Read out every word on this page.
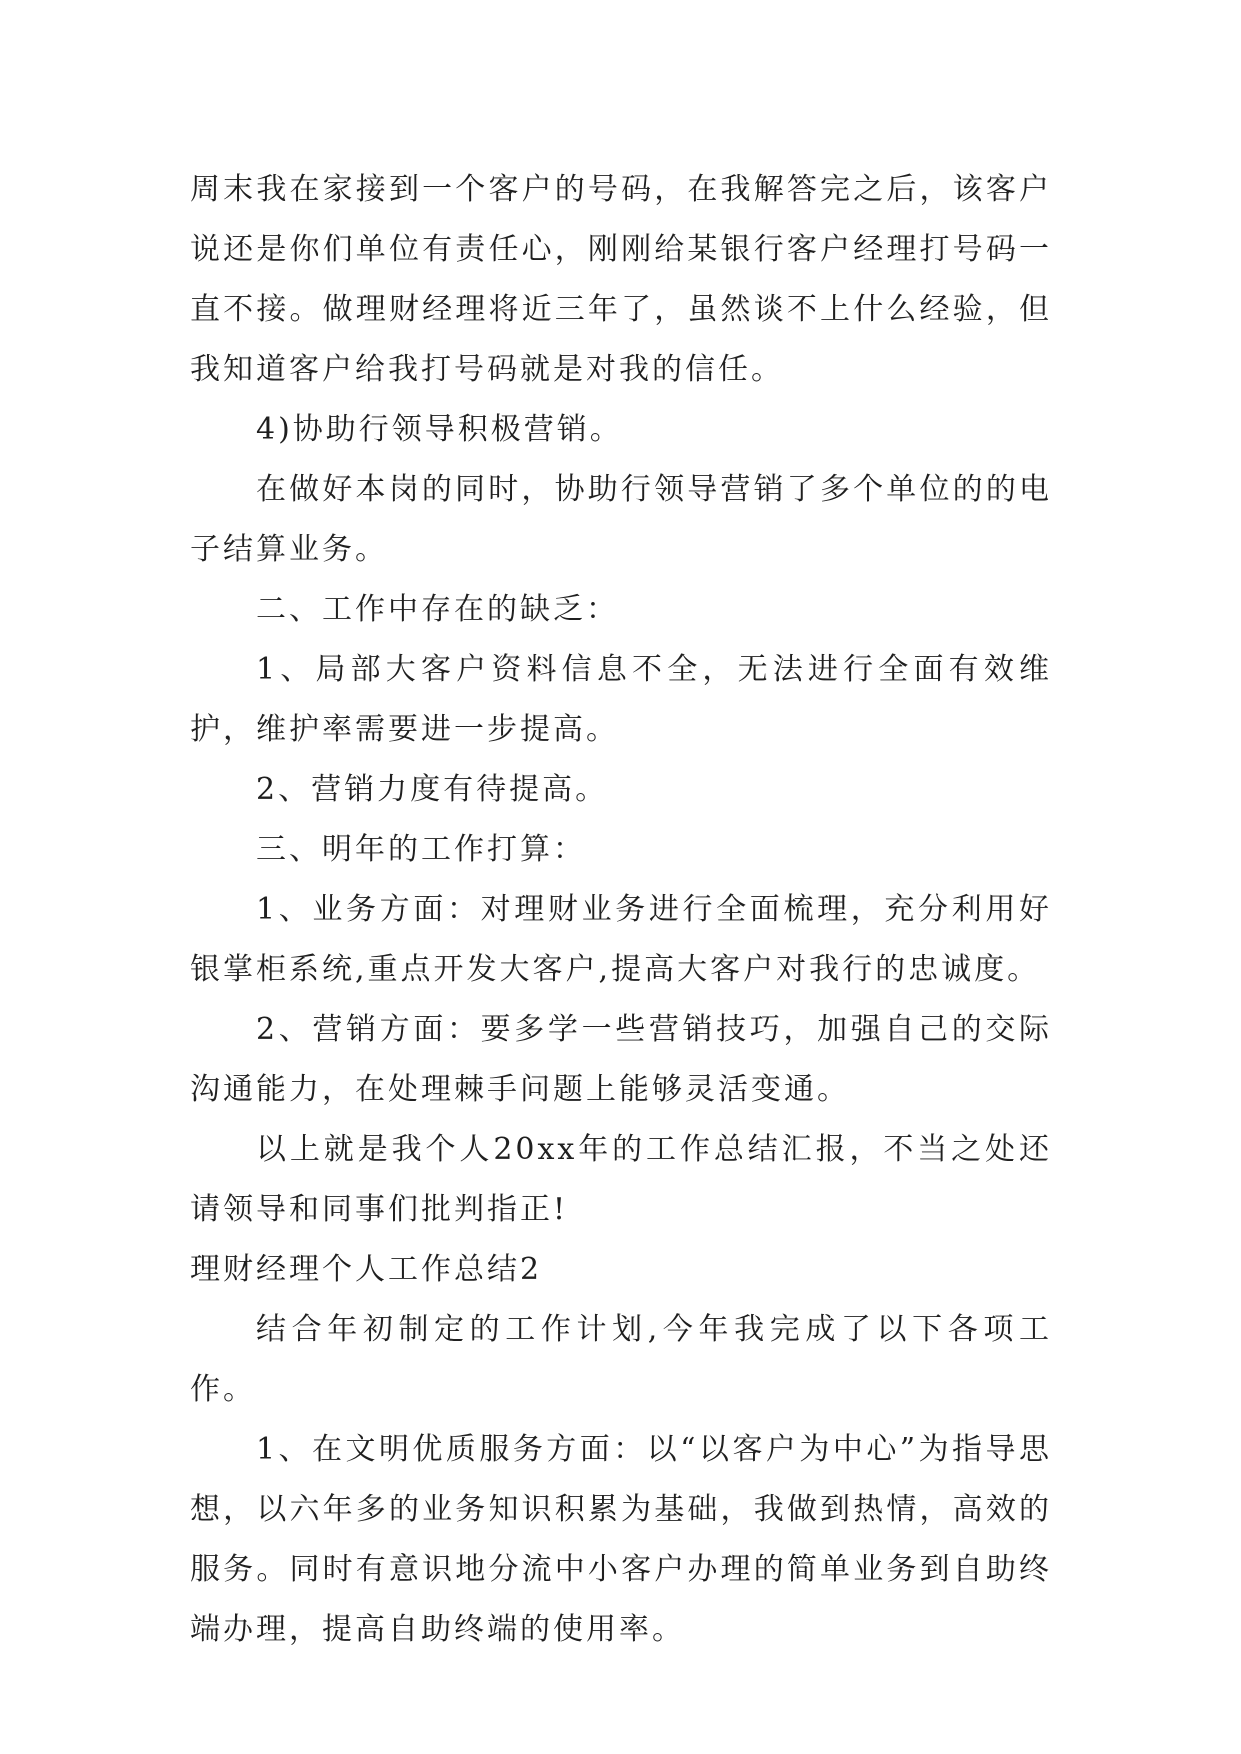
周末我在家接到一个客户的号码，在我解答完之后，该客户说还是你们单位有责任心，刚刚给某银行客户经理打号码一直不接。做理财经理将近三年了，虽然谈不上什么经验，但我知道客户给我打号码就是对我的信任。

4)协助行领导积极营销。

在做好本岗的同时，协助行领导营销了多个单位的的电子结算业务。

二、工作中存在的缺乏：

1、局部大客户资料信息不全，无法进行全面有效维护，维护率需要进一步提高。

2、营销力度有待提高。

三、明年的工作打算：

1、业务方面：对理财业务进行全面梳理，充分利用好银掌柜系统,重点开发大客户,提高大客户对我行的忠诚度。

2、营销方面：要多学一些营销技巧，加强自己的交际沟通能力，在处理棘手问题上能够灵活变通。

以上就是我个人20xx年的工作总结汇报，不当之处还请领导和同事们批判指正!

理财经理个人工作总结2

结合年初制定的工作计划,今年我完成了以下各项工作。

1、在文明优质服务方面：以“以客户为中心”为指导思想，以六年多的业务知识积累为基础，我做到热情，高效的服务。同时有意识地分流中小客户办理的简单业务到自助终端办理，提高自助终端的使用率。
